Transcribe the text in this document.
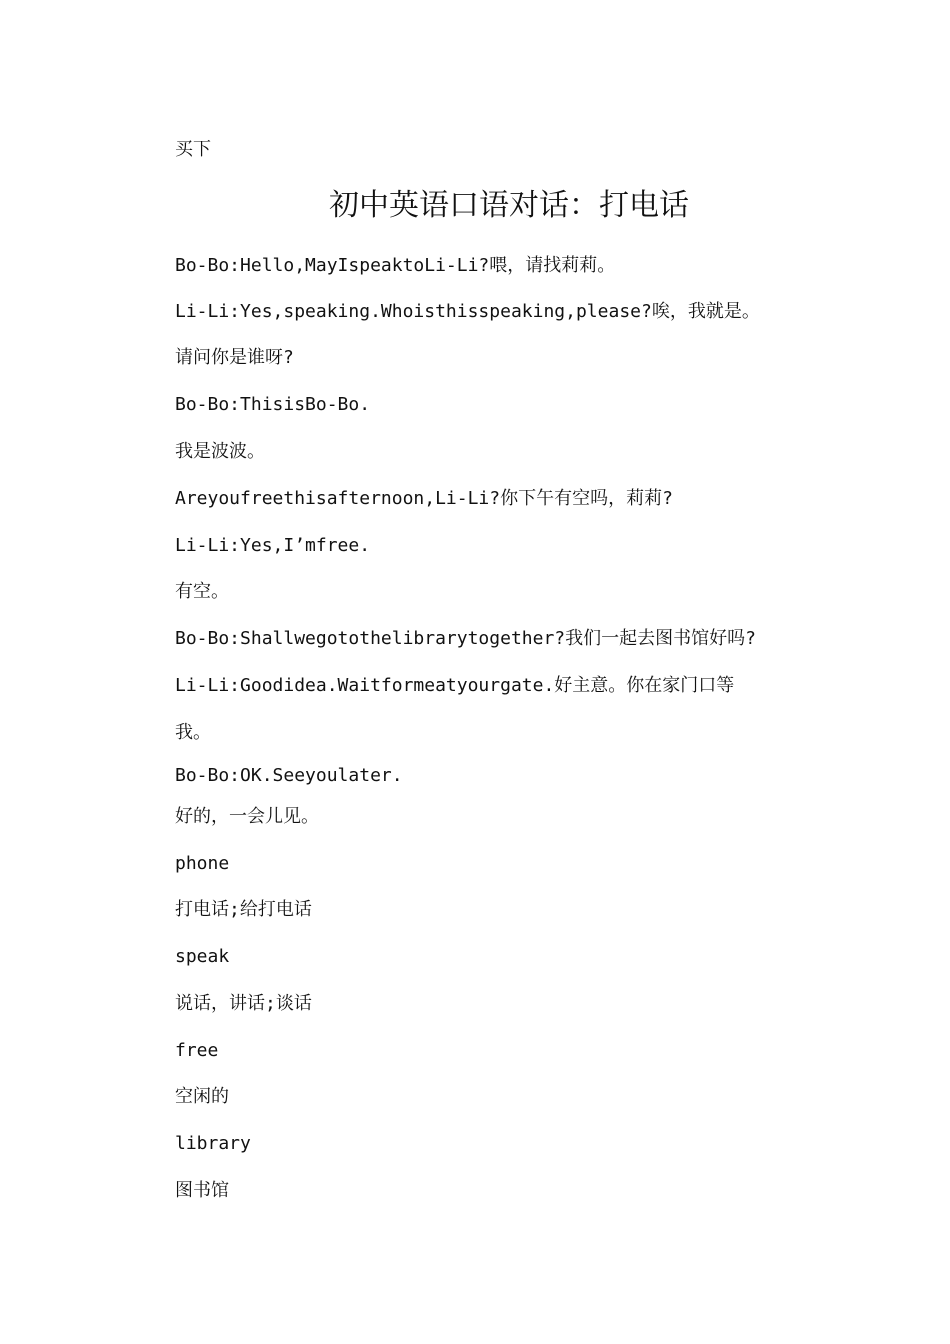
买下
初中英语口语对话：打电话
Bo-Bo:Hello,MayIspeaktoLi-Li?喂，请找莉莉。
Li-Li:Yes,speaking.Whoisthisspeaking,please?唉，我就是。
请问你是谁呀?
Bo-Bo:ThisisBo-Bo.
我是波波。
Areyoufreethisafternoon,Li-Li?你下午有空吗，莉莉?
Li-Li:Yes,I’mfree.
有空。
Bo-Bo:Shallwegotothelibrarytogether?我们一起去图书馆好吗?
Li-Li:Goodidea.Waitformeatyourgate.好主意。你在家门口等
我。
Bo-Bo:OK.Seeyoulater.
好的，一会儿见。
phone
打电话;给打电话
speak
说话，讲话;谈话
free
空闲的
library
图书馆
